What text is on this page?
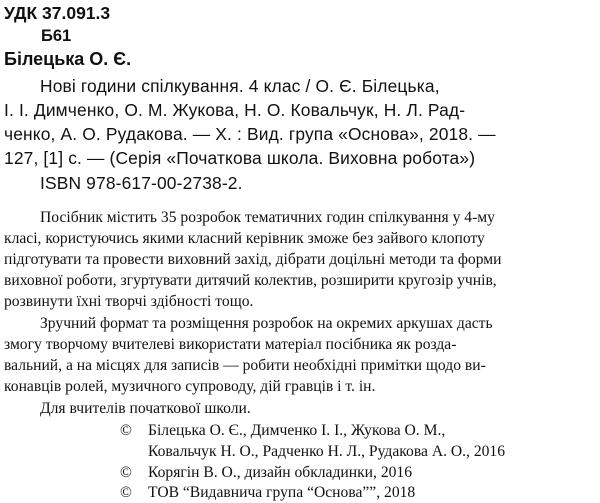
УДК 37.091.3
Б61
Білецька О. Є.
Нові години спілкування. 4 клас / О. Є. Білецька,
І. І. Димченко, О. М. Жукова, Н. О. Ковальчук, Н. Л. Рад-
ченко, А. О. Рудакова. — Х. : Вид. група «Основа», 2018. —
127, [1] с. — (Серія «Початкова школа. Виховна робота»)
ISBN 978-617-00-2738-2.
Посібник містить 35 розробок тематичних годин спілкування у 4-му
класі, користуючись якими класний керівник зможе без зайвого клопоту
підготувати та провести виховний захід, дібрати доцільні методи та форми
виховної роботи, згуртувати дитячий колектив, розширити кругозір учнів,
розвинути їхні творчі здібності тощо.
Зручний формат та розміщення розробок на окремих аркушах дасть
змогу творчому вчителеві використати матеріал посібника як розда-
вальний, а на місцях для записів — робити необхідні примітки щодо ви-
конавців ролей, музичного супроводу, дій гравців і т. ін.
Для вчителів початкової школи.
© Білецька О. Є., Димченко І. І., Жукова О. М.,
Ковальчук Н. О., Радченко Н. Л., Рудакова А. О., 2016
© Корягін В. О., дизайн обкладинки, 2016
© ТОВ “Видавнича група “Основа””, 2018
